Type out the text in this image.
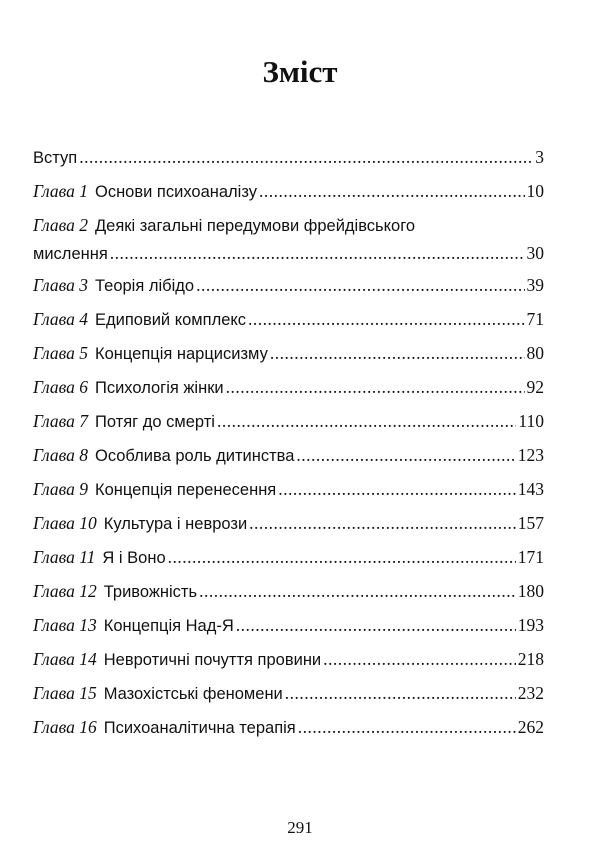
Зміст
Вступ .....	3
Глава 1 Основи психоаналізу .....	10
Глава 2 Деякі загальні передумови фрейдівського
мислення .....	30
Глава 3 Теорія лібідо .....	39
Глава 4 Едиповий комплекс .....	71
Глава 5 Концепція нарцисизму .....	80
Глава 6 Психологія жінки .....	92
Глава 7 Потяг до смерті .....	110
Глава 8 Особлива роль дитинства .....	123
Глава 9 Концепція перенесення .....	143
Глава 10 Культура і неврози .....	157
Глава 11 Я і Воно .....	171
Глава 12 Тривожність .....	180
Глава 13 Концепція Над-Я .....	193
Глава 14 Невротичні почуття провини .....	218
Глава 15 Мазохістські феномени .....	232
Глава 16 Психоаналітична терапія .....	262
291
